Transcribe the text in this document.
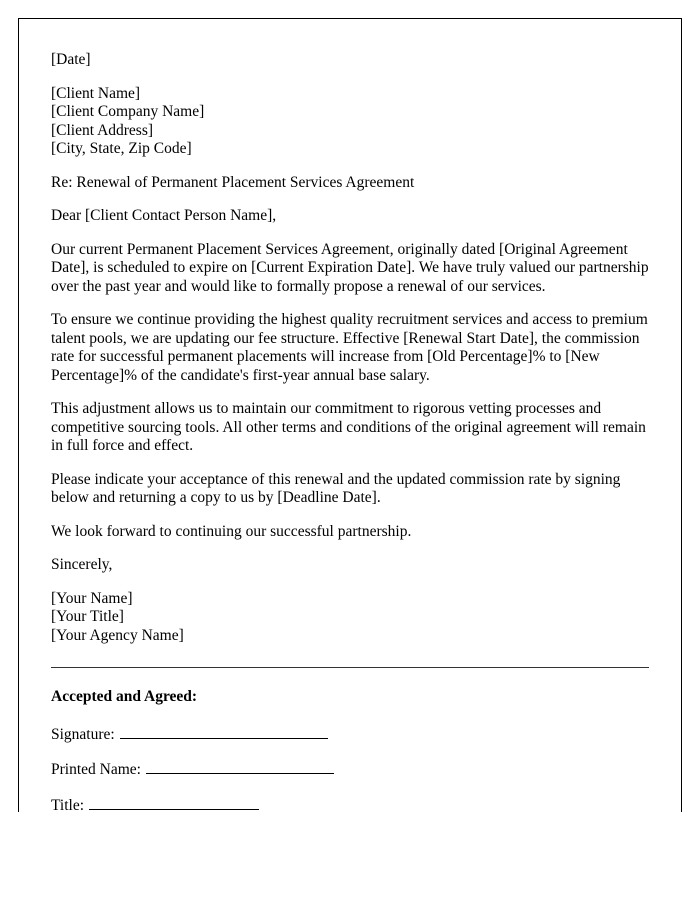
[Date]

[Client Name]
[Client Company Name]
[Client Address]
[City, State, Zip Code]

Re: Renewal of Permanent Placement Services Agreement

Dear [Client Contact Person Name],

Our current Permanent Placement Services Agreement, originally dated [Original Agreement Date], is scheduled to expire on [Current Expiration Date]. We have truly valued our partnership over the past year and would like to formally propose a renewal of our services.

To ensure we continue providing the highest quality recruitment services and access to premium talent pools, we are updating our fee structure. Effective [Renewal Start Date], the commission rate for successful permanent placements will increase from [Old Percentage]% to [New Percentage]% of the candidate's first-year annual base salary.

This adjustment allows us to maintain our commitment to rigorous vetting processes and competitive sourcing tools. All other terms and conditions of the original agreement will remain in full force and effect.

Please indicate your acceptance of this renewal and the updated commission rate by signing below and returning a copy to us by [Deadline Date].

We look forward to continuing our successful partnership.

Sincerely,

[Your Name]
[Your Title]
[Your Agency Name]

Accepted and Agreed:

Signature:

Printed Name:

Title:
